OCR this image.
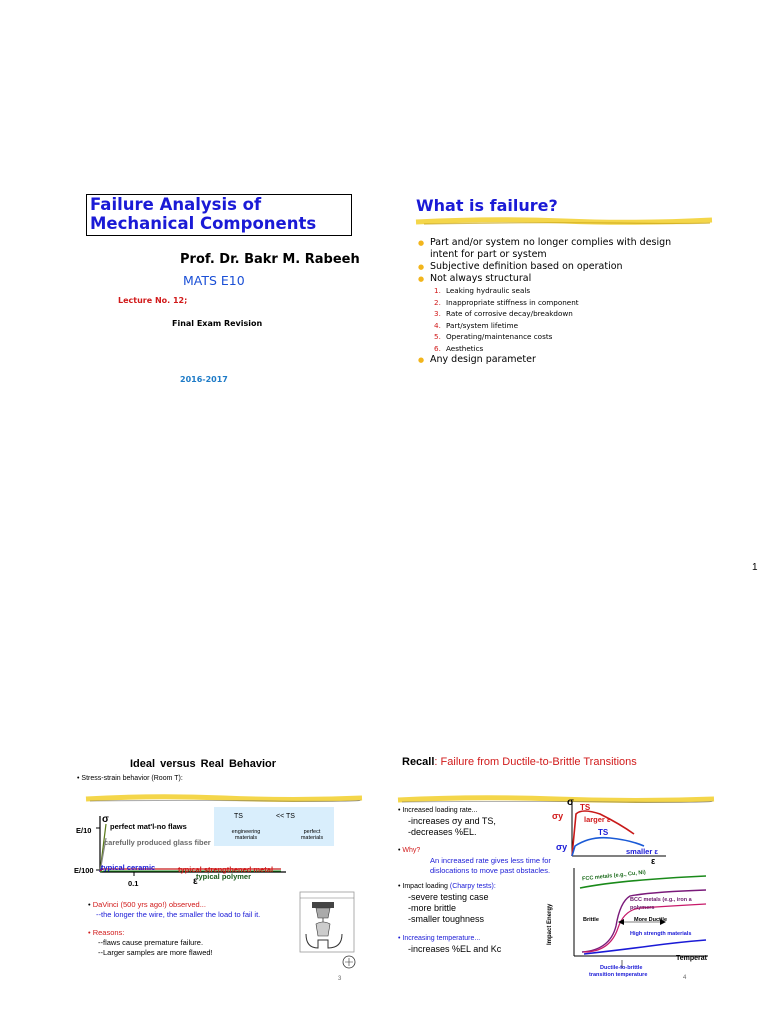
Failure Analysis of
Mechanical Components
Prof. Dr. Bakr M. Rabeeh
MATS E10
Lecture No. 12;
Final Exam Revision
2016-2017
What is failure?
● Part and/or system no longer complies with design intent for part or system
● Subjective definition based on operation
● Not always structural
1. Leaking hydraulic seals
2. Inappropriate stiffness in component
3. Rate of corrosive decay/breakdown
4. Part/system lifetime
5. Operating/maintenance costs
6. Aesthetics
● Any design parameter
1
Ideal versus Real Behavior
• Stress-strain behavior (Room T):
TS	<< TS
engineering materials
perfect materials
σ
E/10
E/100
0.1	ε
perfect mat'l-no flaws
carefully produced glass fiber
typical ceramic	typical strengthened metal
typical polymer
• DaVinci (500 yrs ago!) observed...
--the longer the wire, the smaller the load to fail it.
• Reasons:
--flaws cause premature failure.
--Larger samples are more flawed!
3
Recall: Failure from Ductile-to-Brittle Transitions
• Increased loading rate...
-increases σy and TS,
-decreases %EL.
• Why?
An increased rate gives less time for dislocations to move past obstacles.
• Impact loading (Charpy tests):
-severe testing case
-more brittle
-smaller toughness
• Increasing temperature...
-increases %EL and Kc
σ TS
σy	larger ε
TS
σy	smaller ε
ε
Impact Energy
FCC metals (e.g., Cu, Ni)
BCC metals (e.g., iron a
polymers
Brittle	More Ductile
High strength materials
Temperat
Ductile-to-brittle
transition temperature	4
